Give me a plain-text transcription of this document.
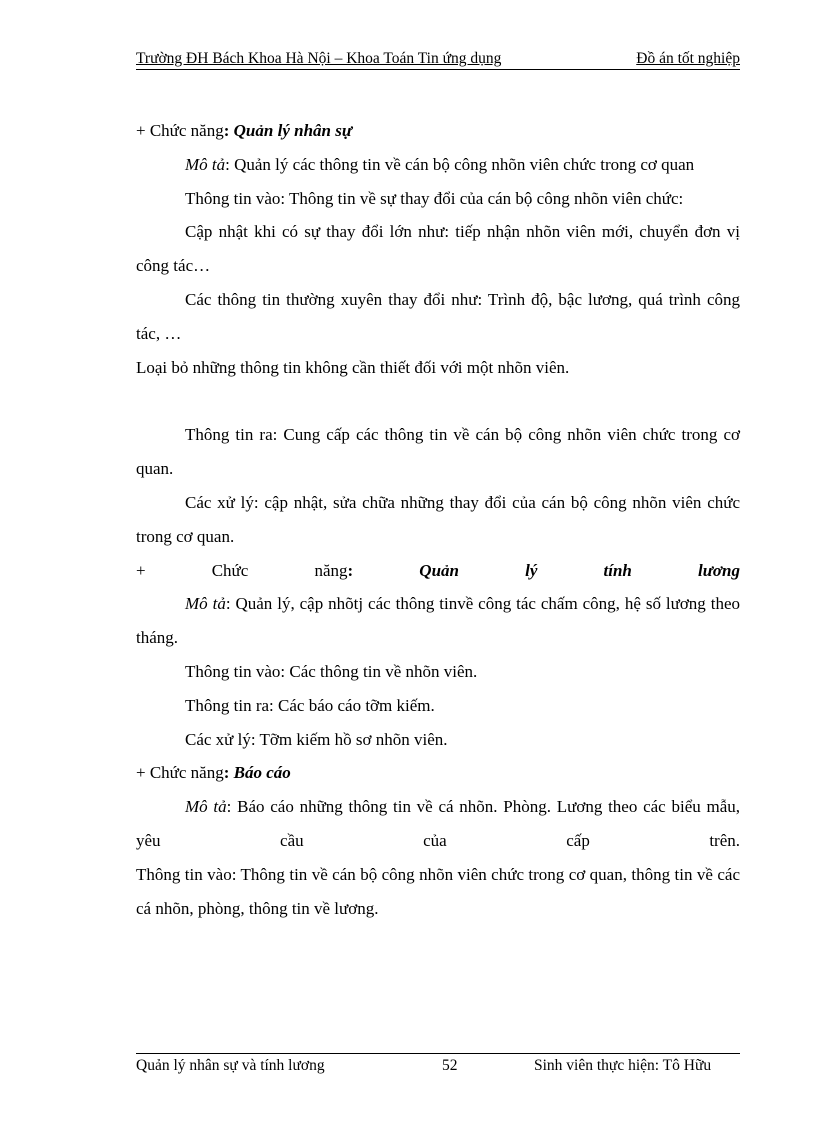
Trường ĐH Bách Khoa Hà Nội – Khoa Toán Tin ứng dụng	Đồ án tốt nghiệp

+ Chức năng: Quản lý nhân sự

Mô tả: Quản lý các thông tin về cán bộ công nhõn viên chức trong cơ quan

Thông tin vào: Thông tin về sự thay đổi của cán bộ công nhõn viên chức:

Cập nhật khi có sự thay đổi lớn như: tiếp nhận nhõn viên mới, chuyển đơn vị công tác…

Các thông tin thường xuyên thay đổi như: Trình độ, bậc lương, quá trình công tác, …

Loại bỏ những thông tin không cần thiết đối với một nhõn viên.

Thông tin ra: Cung cấp các thông tin về cán bộ công nhõn viên chức trong cơ quan.

Các xử lý: cập nhật, sửa chữa những thay đổi của cán bộ công nhõn viên chức trong cơ quan.

+	Chức	năng:	Quản	lý	tính	lương

Mô tả: Quản lý, cập nhõtj các thông tinvề công tác chấm công, hệ số lương theo tháng.

Thông tin vào: Các thông tin về nhõn viên.

Thông tin ra: Các báo cáo tỡm kiếm.

Các xử lý: Tỡm kiếm hồ sơ nhõn viên.

+ Chức năng: Báo cáo

Mô tả: Báo cáo những thông tin về cá nhõn. Phòng. Lương theo các biểu mẫu, yêu cầu của cấp trên.

Thông tin vào: Thông tin về cán bộ công nhõn viên chức trong cơ quan, thông tin về các cá nhõn, phòng, thông tin về lương.

Quản lý nhân sự và tính lương	52	Sinh viên thực hiện: Tô Hữu
